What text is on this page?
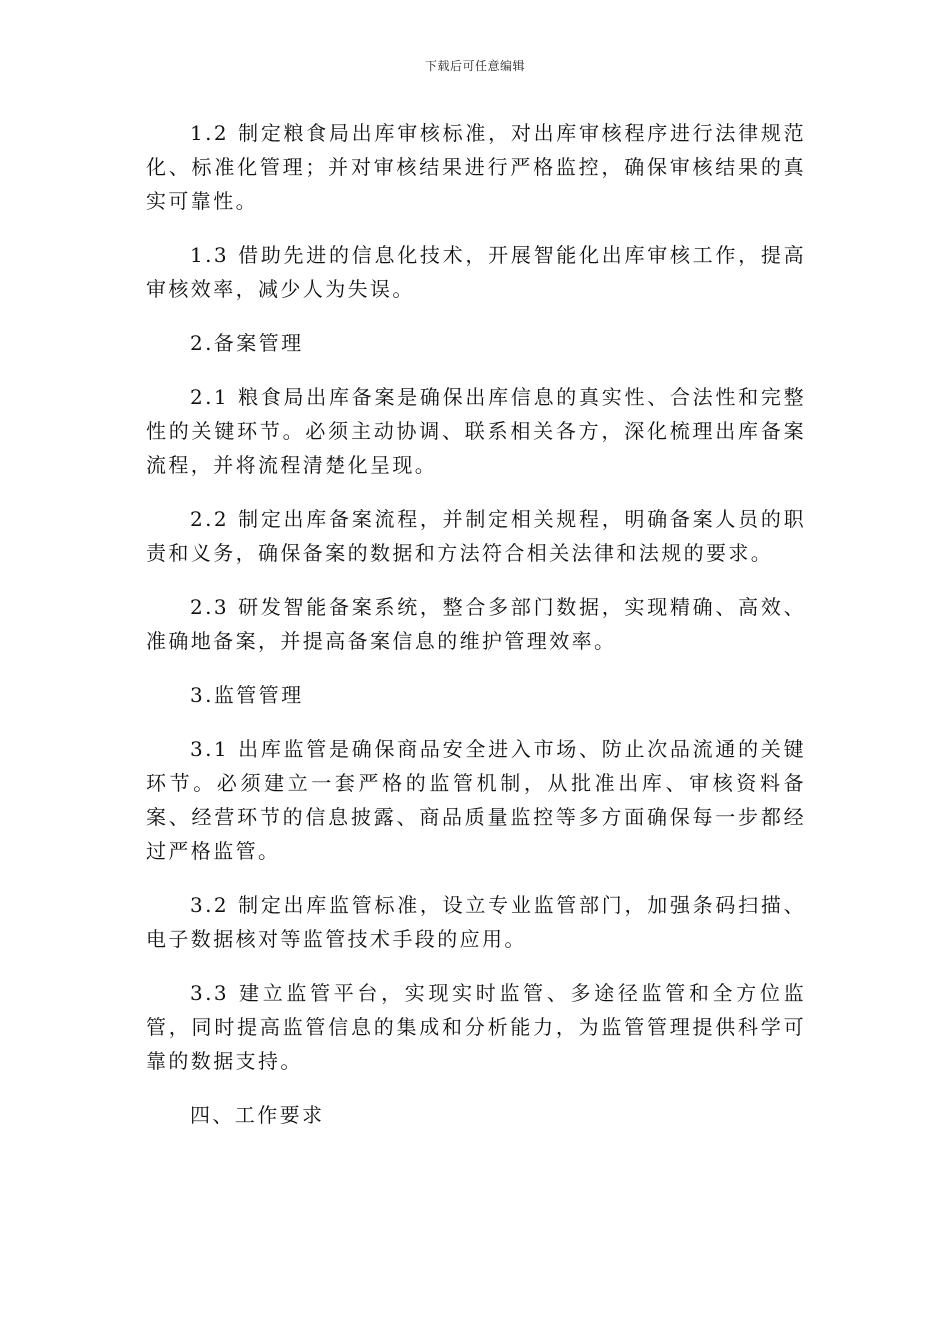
下载后可任意编辑

1.2 制定粮食局出库审核标准，对出库审核程序进行法律规范化、标准化管理；并对审核结果进行严格监控，确保审核结果的真实可靠性。

1.3 借助先进的信息化技术，开展智能化出库审核工作，提高审核效率，减少人为失误。

2.备案管理

2.1 粮食局出库备案是确保出库信息的真实性、合法性和完整性的关键环节。必须主动协调、联系相关各方，深化梳理出库备案流程，并将流程清楚化呈现。

2.2 制定出库备案流程，并制定相关规程，明确备案人员的职责和义务，确保备案的数据和方法符合相关法律和法规的要求。

2.3 研发智能备案系统，整合多部门数据，实现精确、高效、准确地备案，并提高备案信息的维护管理效率。

3.监管管理

3.1 出库监管是确保商品安全进入市场、防止次品流通的关键环节。必须建立一套严格的监管机制，从批准出库、审核资料备案、经营环节的信息披露、商品质量监控等多方面确保每一步都经过严格监管。

3.2 制定出库监管标准，设立专业监管部门，加强条码扫描、电子数据核对等监管技术手段的应用。

3.3 建立监管平台，实现实时监管、多途径监管和全方位监管，同时提高监管信息的集成和分析能力，为监管管理提供科学可靠的数据支持。

四、工作要求
